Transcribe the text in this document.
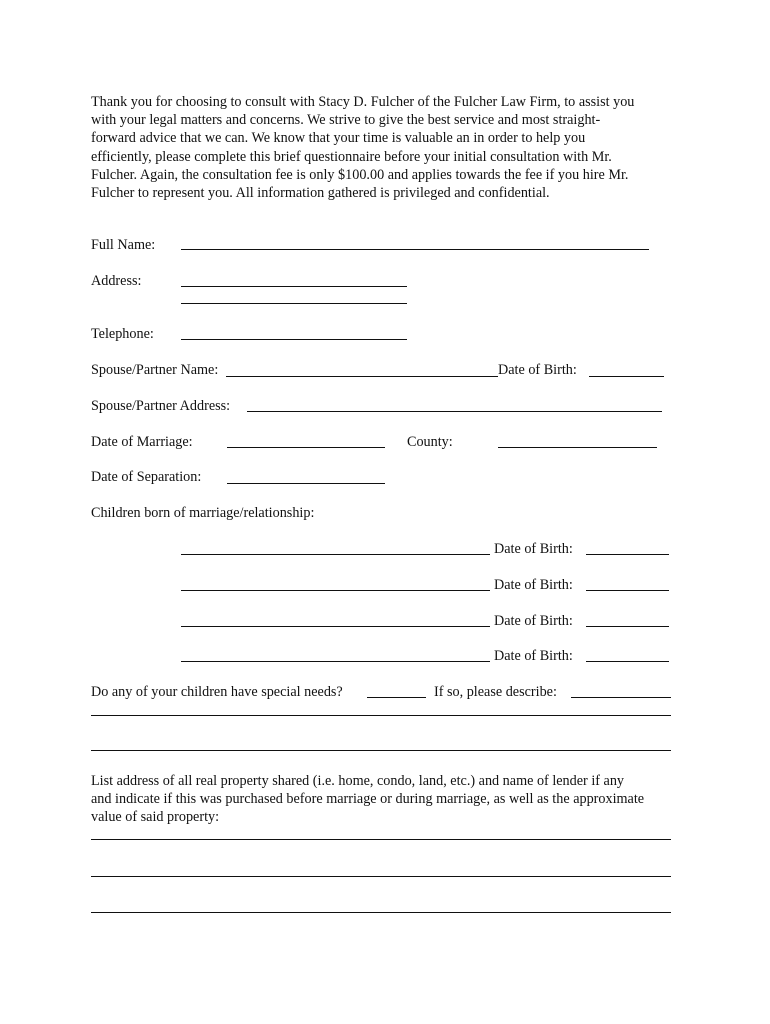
Thank you for choosing to consult with Stacy D. Fulcher of the Fulcher Law Firm, to assist you
with your legal matters and concerns. We strive to give the best service and most straight-
forward advice that we can. We know that your time is valuable an in order to help you
efficiently, please complete this brief questionnaire before your initial consultation with Mr.
Fulcher. Again, the consultation fee is only $100.00 and applies towards the fee if you hire Mr.
Fulcher to represent you. All information gathered is privileged and confidential.
Full Name:
Address:
Telephone:
Spouse/Partner Name:	Date of Birth:
Spouse/Partner Address:
Date of Marriage:	County:
Date of Separation:
Children born of marriage/relationship:
Date of Birth:
Date of Birth:
Date of Birth:
Date of Birth:
Do any of your children have special needs?	If so, please describe:
List address of all real property shared (i.e. home, condo, land, etc.) and name of lender if any
and indicate if this was purchased before marriage or during marriage, as well as the approximate
value of said property:
